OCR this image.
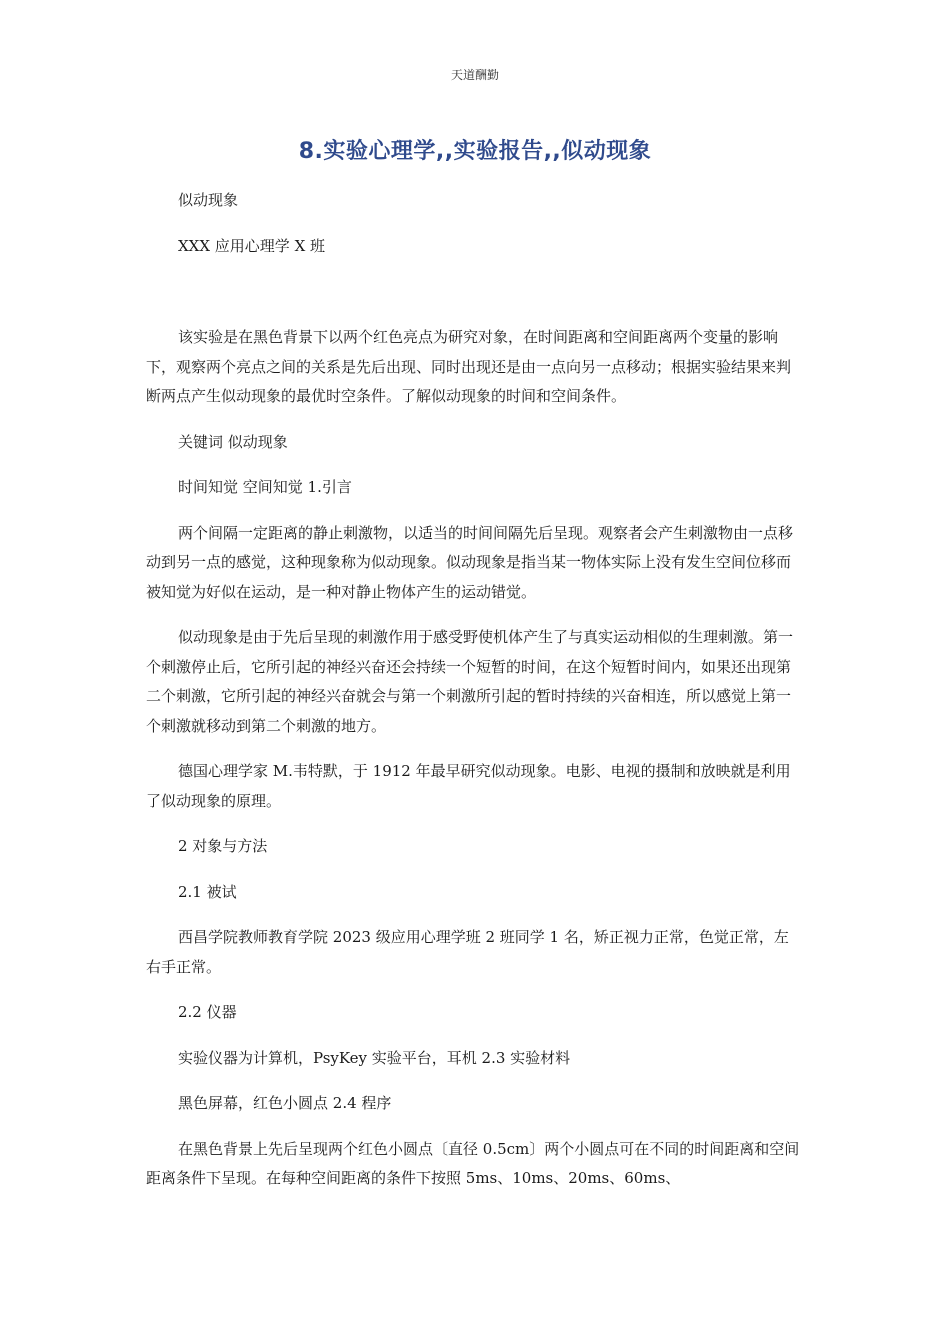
天道酬勤
8.实验心理学,,实验报告,,似动现象

似动现象

XXX 应用心理学 X 班

该实验是在黑色背景下以两个红色亮点为研究对象，在时间距离和空间距离两个变量的影响下，观察两个亮点之间的关系是先后出现、同时出现还是由一点向另一点移动；根据实验结果来判断两点产生似动现象的最优时空条件。了解似动现象的时间和空间条件。

关键词 似动现象

时间知觉 空间知觉 1.引言

两个间隔一定距离的静止刺激物，以适当的时间间隔先后呈现。观察者会产生刺激物由一点移动到另一点的感觉，这种现象称为似动现象。似动现象是指当某一物体实际上没有发生空间位移而被知觉为好似在运动，是一种对静止物体产生的运动错觉。

似动现象是由于先后呈现的刺激作用于感受野使机体产生了与真实运动相似的生理刺激。第一个刺激停止后，它所引起的神经兴奋还会持续一个短暂的时间，在这个短暂时间内，如果还出现第二个刺激，它所引起的神经兴奋就会与第一个刺激所引起的暂时持续的兴奋相连，所以感觉上第一个刺激就移动到第二个刺激的地方。

德国心理学家 M.韦特默，于 1912 年最早研究似动现象。电影、电视的摄制和放映就是利用了似动现象的原理。

2 对象与方法

2.1 被试

西昌学院教师教育学院 2023 级应用心理学班 2 班同学 1 名，矫正视力正常，色觉正常，左右手正常。

2.2 仪器

实验仪器为计算机，PsyKey 实验平台，耳机 2.3 实验材料

黑色屏幕，红色小圆点 2.4 程序

在黑色背景上先后呈现两个红色小圆点〔直径 0.5cm〕两个小圆点可在不同的时间距离和空间距离条件下呈现。在每种空间距离的条件下按照 5ms、10ms、20ms、60ms、
